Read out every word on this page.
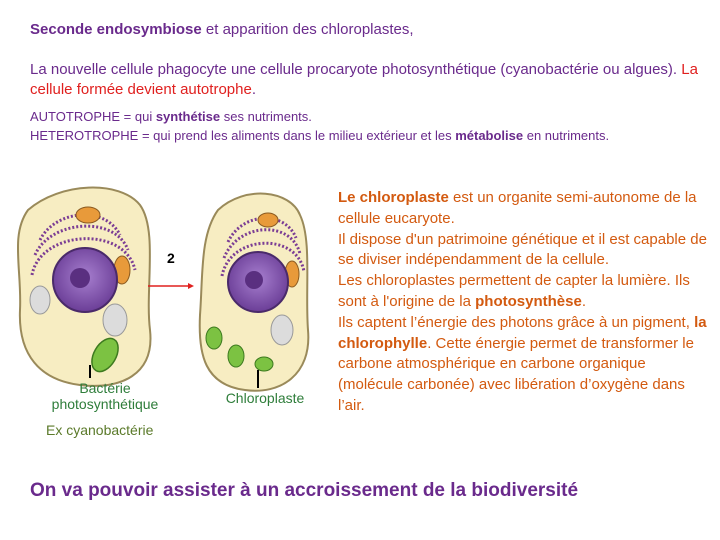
Seconde endosymbiose et apparition des chloroplastes,

La nouvelle cellule phagocyte une cellule procaryote photosynthétique (cyanobactérie ou algues). La cellule formée devient autotrophe.

AUTOTROPHE = qui synthétise ses nutriments.

HETEROTROPHE = qui prend les aliments dans le milieu extérieur et les métabolise en nutriments.

2
Bactérie
photosynthétique	Chloroplaste
Ex cyanobactérie

Le chloroplaste est un organite semi-autonome de la cellule eucaryote.

Il dispose d'un patrimoine génétique et il est capable de se diviser indépendamment de la cellule.

Les chloroplastes permettent de capter la lumière. Ils sont à l'origine de la photosynthèse.

Ils captent l’énergie des photons grâce à un pigment, la chlorophylle. Cette énergie permet de transformer le carbone atmosphérique en carbone organique (molécule carbonée) avec libération d’oxygène dans l’air.

On va pouvoir assister à un accroissement de la biodiversité
